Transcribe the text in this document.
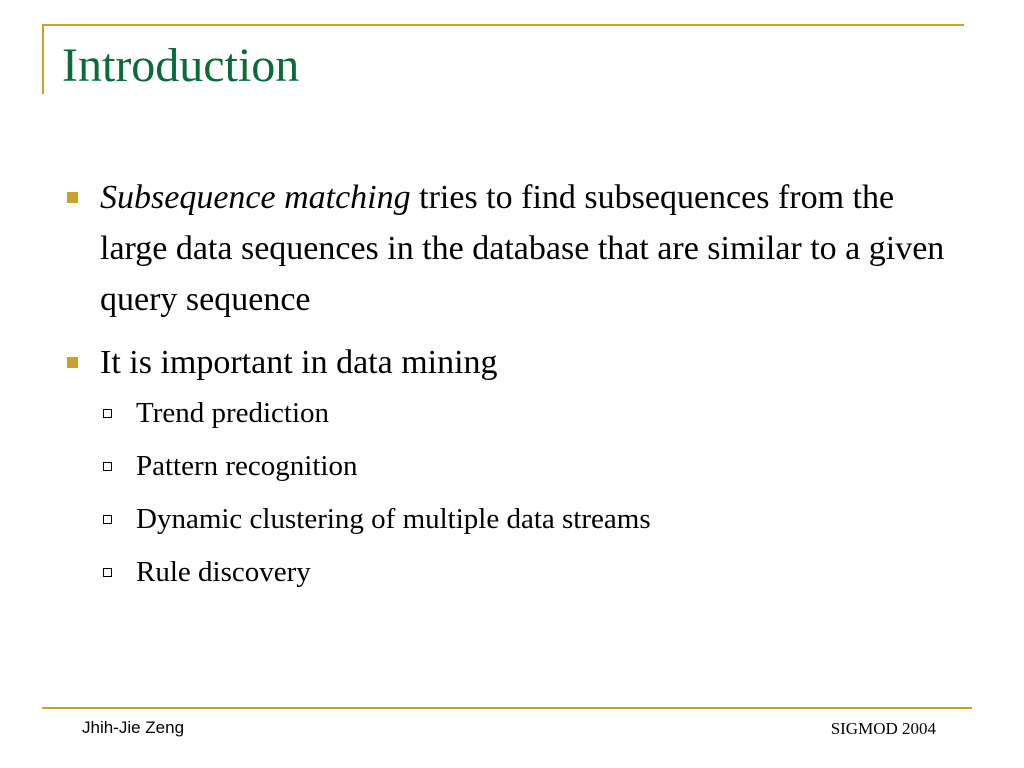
Introduction
Subsequence matching tries to find subsequences from the large data sequences in the database that are similar to a given query sequence
It is important in data mining
Trend prediction
Pattern recognition
Dynamic clustering of multiple data streams
Rule discovery
Jhih-Jie Zeng	SIGMOD 2004
